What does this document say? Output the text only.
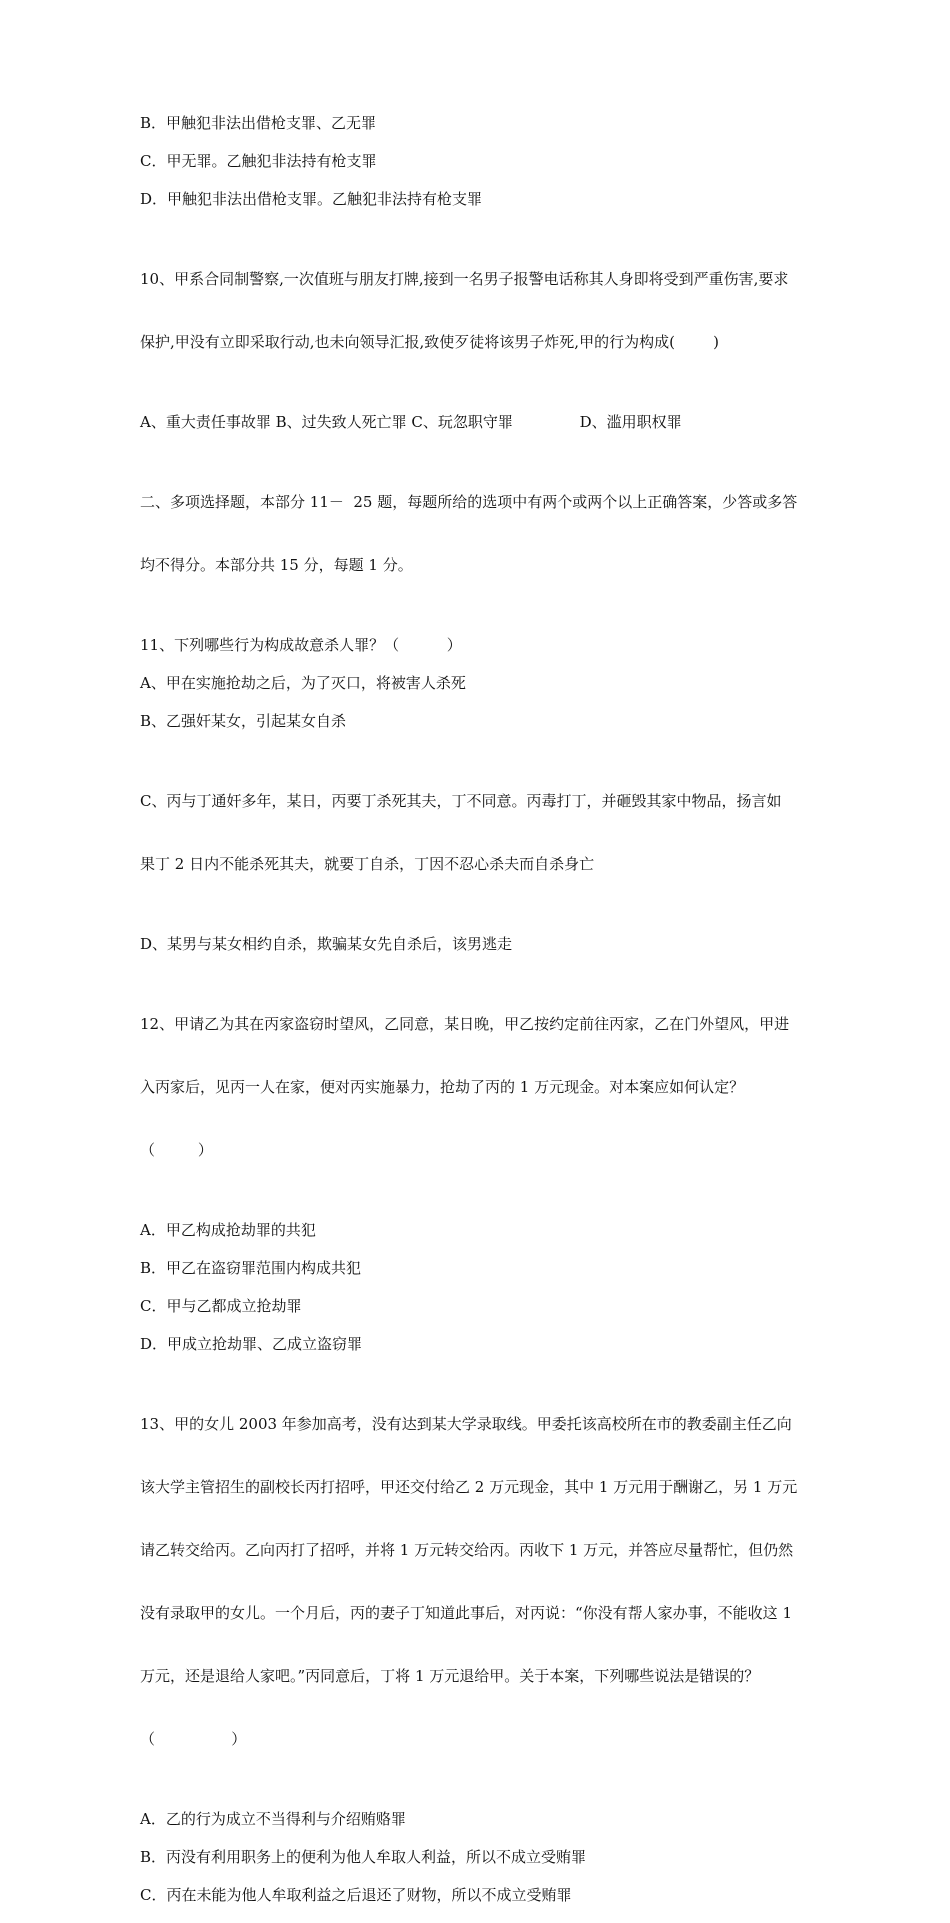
B．甲触犯非法出借枪支罪、乙无罪

C．甲无罪。乙触犯非法持有枪支罪

D．甲触犯非法出借枪支罪。乙触犯非法持有枪支罪

10、甲系合同制警察,一次值班与朋友打牌,接到一名男子报警电话称其人身即将受到严重伤害,要求

保护,甲没有立即采取行动,也未向领导汇报,致使歹徒将该男子炸死,甲的行为构成(        )

A、重大责任事故罪 B、过失致人死亡罪 C、玩忽职守罪              D、滥用职权罪

二、多项选择题，本部分 11－  25 题，每题所给的选项中有两个或两个以上正确答案，少答或多答

均不得分。本部分共 15 分，每题 1 分。

11、下列哪些行为构成故意杀人罪？（          ）

A、甲在实施抢劫之后，为了灭口，将被害人杀死

B、乙强奸某女，引起某女自杀

C、丙与丁通奸多年，某日，丙要丁杀死其夫，丁不同意。丙毒打丁，并砸毁其家中物品，扬言如

果丁 2 日内不能杀死其夫，就要丁自杀，丁因不忍心杀夫而自杀身亡

D、某男与某女相约自杀，欺骗某女先自杀后，该男逃走

12、甲请乙为其在丙家盗窃时望风，乙同意，某日晚，甲乙按约定前往丙家，乙在门外望风，甲进

入丙家后，见丙一人在家，便对丙实施暴力，抢劫了丙的 1 万元现金。对本案应如何认定？

（         ）

A．甲乙构成抢劫罪的共犯

B．甲乙在盗窃罪范围内构成共犯

C．甲与乙都成立抢劫罪

D．甲成立抢劫罪、乙成立盗窃罪

13、甲的女儿 2003 年参加高考，没有达到某大学录取线。甲委托该高校所在市的教委副主任乙向

该大学主管招生的副校长丙打招呼，甲还交付给乙 2 万元现金，其中 1 万元用于酬谢乙，另 1 万元

请乙转交给丙。乙向丙打了招呼，并将 1 万元转交给丙。丙收下 1 万元，并答应尽量帮忙，但仍然

没有录取甲的女儿。一个月后，丙的妻子丁知道此事后，对丙说：“你没有帮人家办事，不能收这 1

万元，还是退给人家吧。”丙同意后，丁将 1 万元退给甲。关于本案，下列哪些说法是错误的？

（                ）

A．乙的行为成立不当得利与介绍贿赂罪

B．丙没有利用职务上的便利为他人牟取人利益，所以不成立受贿罪

C．丙在未能为他人牟取利益之后退还了财物，所以不成立受贿罪
